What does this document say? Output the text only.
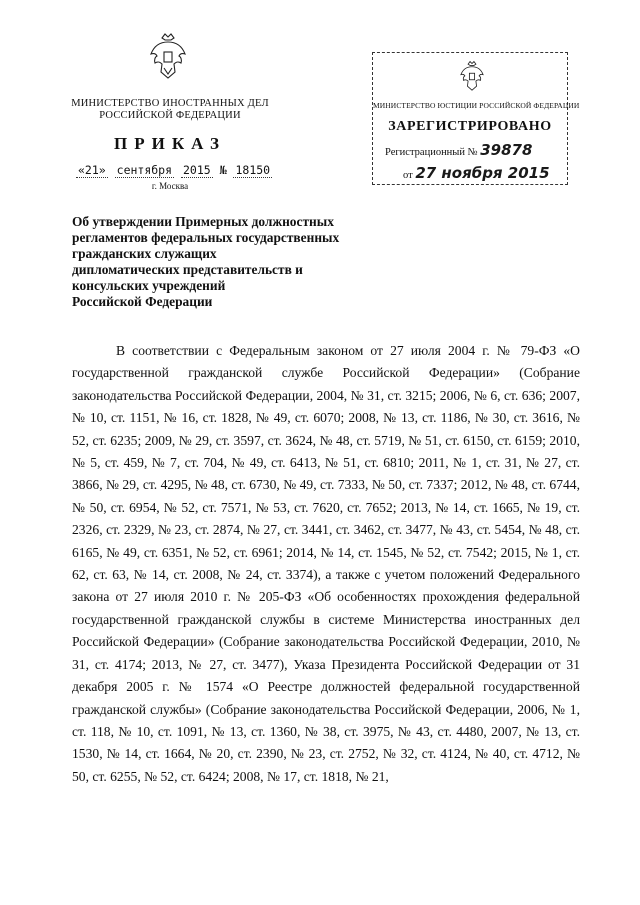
МИНИСТЕРСТВО ИНОСТРАННЫХ ДЕЛ
РОССИЙСКОЙ ФЕДЕРАЦИИ
ПРИКАЗ
«21» сентября 2015 № 18150
г. Москва
МИНИСТЕРСТВО ЮСТИЦИИ РОССИЙСКОЙ ФЕДЕРАЦИИ
ЗАРЕГИСТРИРОВАНО
Регистрационный № 39878
от 27 ноября 2015
Об утверждении Примерных должностных
регламентов федеральных государственных
гражданских служащих
дипломатических представительств и
консульских учреждений
Российской Федерации

В соответствии с Федеральным законом от 27 июля 2004 г. № 79-ФЗ «О государственной гражданской службе Российской Федерации» (Собрание законодательства Российской Федерации, 2004, № 31, ст. 3215; 2006, № 6, ст. 636; 2007, № 10, ст. 1151, № 16, ст. 1828, № 49, ст. 6070; 2008, № 13, ст. 1186, № 30, ст. 3616, № 52, ст. 6235; 2009, № 29, ст. 3597, ст. 3624, № 48, ст. 5719, № 51, ст. 6150, ст. 6159; 2010, № 5, ст. 459, № 7, ст. 704, № 49, ст. 6413, № 51, ст. 6810; 2011, № 1, ст. 31, № 27, ст. 3866, № 29, ст. 4295, № 48, ст. 6730, № 49, ст. 7333, № 50, ст. 7337; 2012, № 48, ст. 6744, № 50, ст. 6954, № 52, ст. 7571, № 53, ст. 7620, ст. 7652; 2013, № 14, ст. 1665, № 19, ст. 2326, ст. 2329, № 23, ст. 2874, № 27, ст. 3441, ст. 3462, ст. 3477, № 43, ст. 5454, № 48, ст. 6165, № 49, ст. 6351, № 52, ст. 6961; 2014, № 14, ст. 1545, № 52, ст. 7542; 2015, № 1, ст. 62, ст. 63, № 14, ст. 2008, № 24, ст. 3374), а также с учетом положений Федерального закона от 27 июля 2010 г. № 205-ФЗ «Об особенностях прохождения федеральной государственной гражданской службы в системе Министерства иностранных дел Российской Федерации» (Собрание законодательства Российской Федерации, 2010, № 31, ст. 4174; 2013, № 27, ст. 3477), Указа Президента Российской Федерации от 31 декабря 2005 г. № 1574 «О Реестре должностей федеральной государственной гражданской службы» (Собрание законодательства Российской Федерации, 2006, № 1, ст. 118, № 10, ст. 1091, № 13, ст. 1360, № 38, ст. 3975, № 43, ст. 4480, 2007, № 13, ст. 1530, № 14, ст. 1664, № 20, ст. 2390, № 23, ст. 2752, № 32, ст. 4124, № 40, ст. 4712, № 50, ст. 6255, № 52, ст. 6424; 2008, № 17, ст. 1818, № 21,
